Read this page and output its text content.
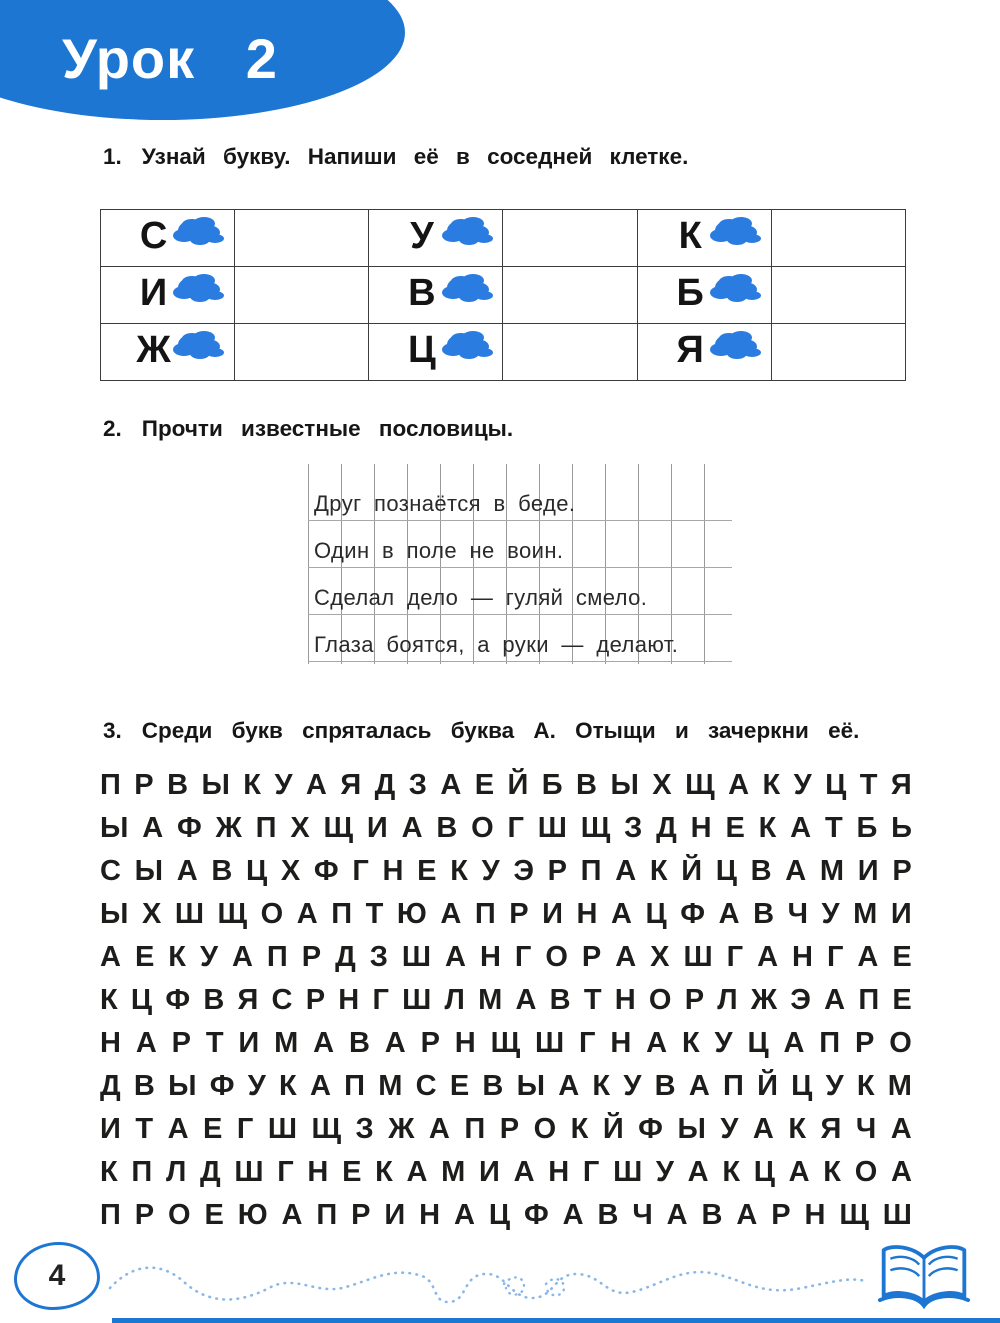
Урок 2
1. Узнай букву. Напиши её в соседней клетке.
С		У		К

И		В		Б

Ж		Ц		Я

2. Прочти известные пословицы.
Друг познаётся в беде.
Один в поле не воин.
Сделал дело — гуляй смело.
Глаза боятся, а руки — делают.
3. Среди букв спряталась буква А. Отыщи и зачеркни её.
П Р В Ы К У А Я Д З А Е Й Б В Ы Х Щ А К У Ц Т Я
Ы А Ф Ж П Х Щ И А В О Г Ш Щ З Д Н Е К А Т Б Ь
С Ы А В Ц Х Ф Г Н Е К У Э Р П А К Й Ц В А М И Р
Ы Х Ш Щ О А П Т Ю А П Р И Н А Ц Ф А В Ч У М И
А Е К У А П Р Д З Ш А Н Г О Р А Х Ш Г А Н Г А Е
К Ц Ф В Я С Р Н Г Ш Л М А В Т Н О Р Л Ж Э А П Е
Н А Р Т И М А В А Р Н Щ Ш Г Н А К У Ц А П Р О
Д В Ы Ф У К А П М С Е В Ы А К У В А П Й Ц У К М
И Т А Е Г Ш Щ З Ж А П Р О К Й Ф Ы У А К Я Ч А
К П Л Д Ш Г Н Е К А М И А Н Г Ш У А К Ц А К О А
П Р О Е Ю А П Р И Н А Ц Ф А В Ч А В А Р Н Щ Ш
4
